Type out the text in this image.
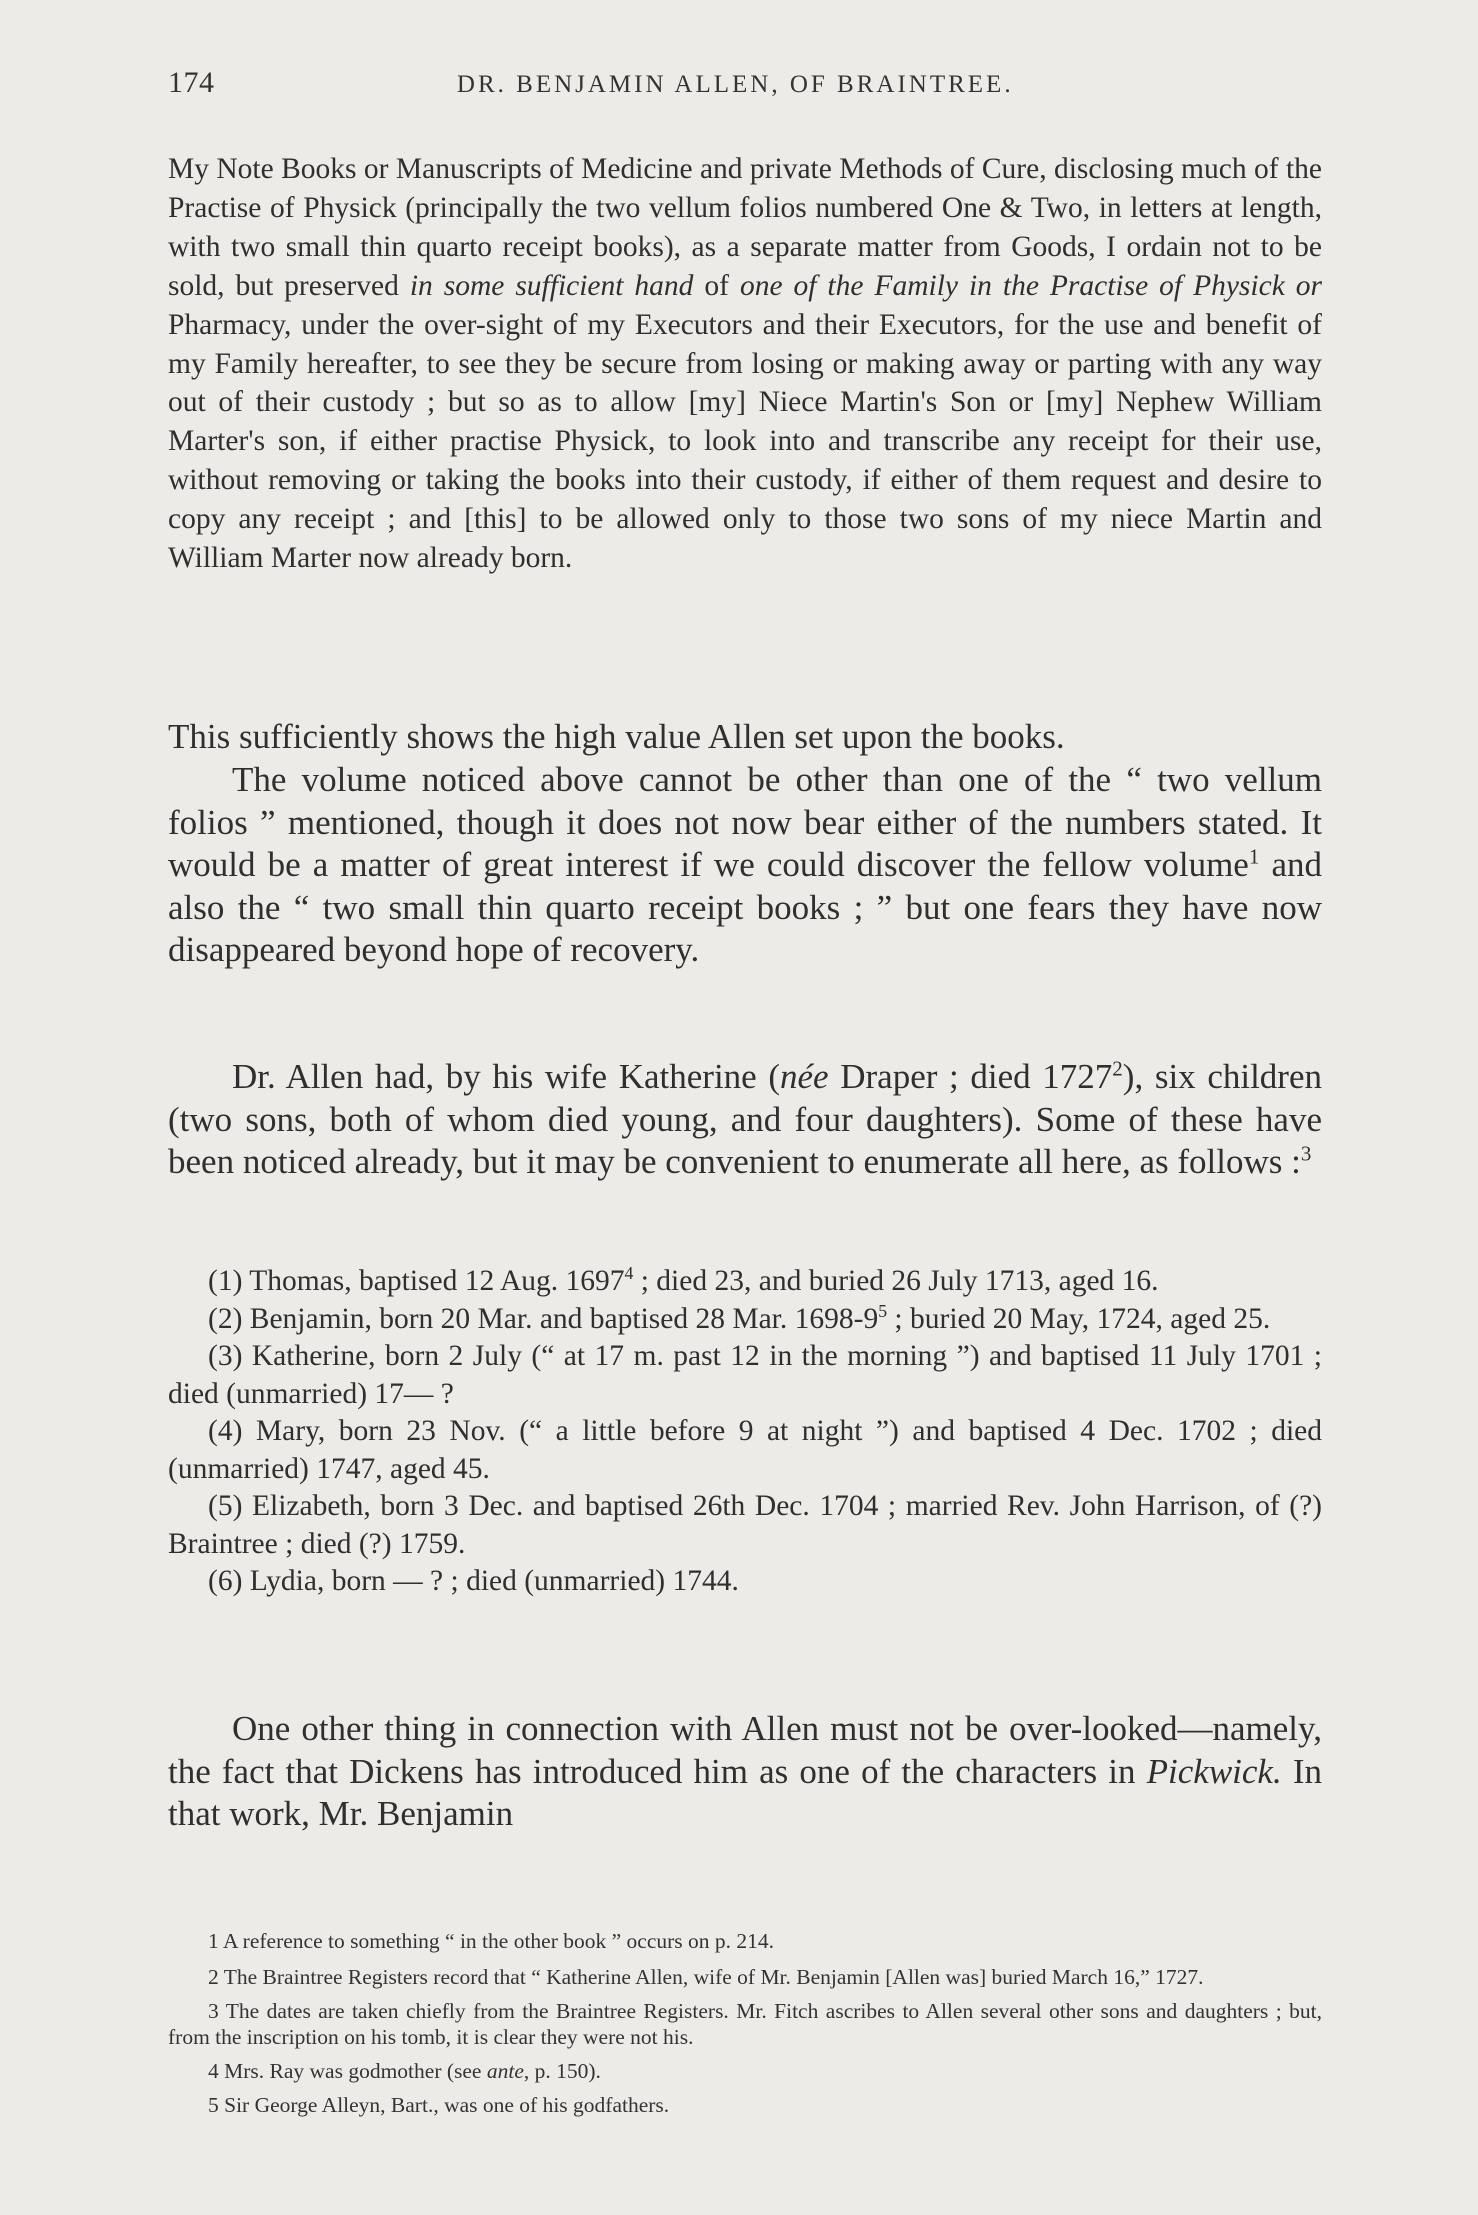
174	DR. BENJAMIN ALLEN, OF BRAINTREE.
My Note Books or Manuscripts of Medicine and private Methods of Cure, disclosing much of the Practise of Physick (principally the two vellum folios numbered One & Two, in letters at length, with two small thin quarto receipt books), as a separate matter from Goods, I ordain not to be sold, but preserved in some sufficient hand of one of the Family in the Practise of Physick or Pharmacy, under the over-sight of my Executors and their Executors, for the use and benefit of my Family hereafter, to see they be secure from losing or making away or parting with any way out of their custody ; but so as to allow [my] Niece Martin's Son or [my] Nephew William Marter's son, if either practise Physick, to look into and transcribe any receipt for their use, without removing or taking the books into their custody, if either of them request and desire to copy any receipt ; and [this] to be allowed only to those two sons of my niece Martin and William Marter now already born.

This sufficiently shows the high value Allen set upon the books.

The volume noticed above cannot be other than one of the “ two vellum folios ” mentioned, though it does not now bear either of the numbers stated. It would be a matter of great interest if we could discover the fellow volume$^1$ and also the “ two small thin quarto receipt books ; ” but one fears they have now disappeared beyond hope of recovery.

Dr. Allen had, by his wife Katherine (née Draper ; died 1727$^2$), six children (two sons, both of whom died young, and four daughters). Some of these have been noticed already, but it may be convenient to enumerate all here, as follows :$^3$

(1) Thomas, baptised 12 Aug. 1697$^4$ ; died 23, and buried 26 July 1713, aged 16.

(2) Benjamin, born 20 Mar. and baptised 28 Mar. $1698-9^5$ ; buried 20 May, 1724, aged 25.

(3) Katherine, born 2 July (“ at 17 m. past 12 in the morning ”) and baptised 11 July 1701 ; died (unmarried) 17— ?

(4) Mary, born 23 Nov. (“ a little before 9 at night ”) and baptised 4 Dec. 1702 ; died (unmarried) 1747, aged 45.

(5) Elizabeth, born 3 Dec. and baptised 26th Dec. 1704 ; married Rev. John Harrison, of (?) Braintree ; died (?) 1759.

(6) Lydia, born — ? ; died (unmarried) 1744.

One other thing in connection with Allen must not be over-looked—namely, the fact that Dickens has introduced him as one of the characters in Pickwick. In that work, Mr. Benjamin

1 A reference to something “ in the other book ” occurs on p. 214.

2 The Braintree Registers record that “ Katherine Allen, wife of Mr. Benjamin [Allen was] buried March 16,” 1727.

3 The dates are taken chiefly from the Braintree Registers. Mr. Fitch ascribes to Allen several other sons and daughters ; but, from the inscription on his tomb, it is clear they were not his.

4 Mrs. Ray was godmother (see ante, p. 150).

5 Sir George Alleyn, Bart., was one of his godfathers.
